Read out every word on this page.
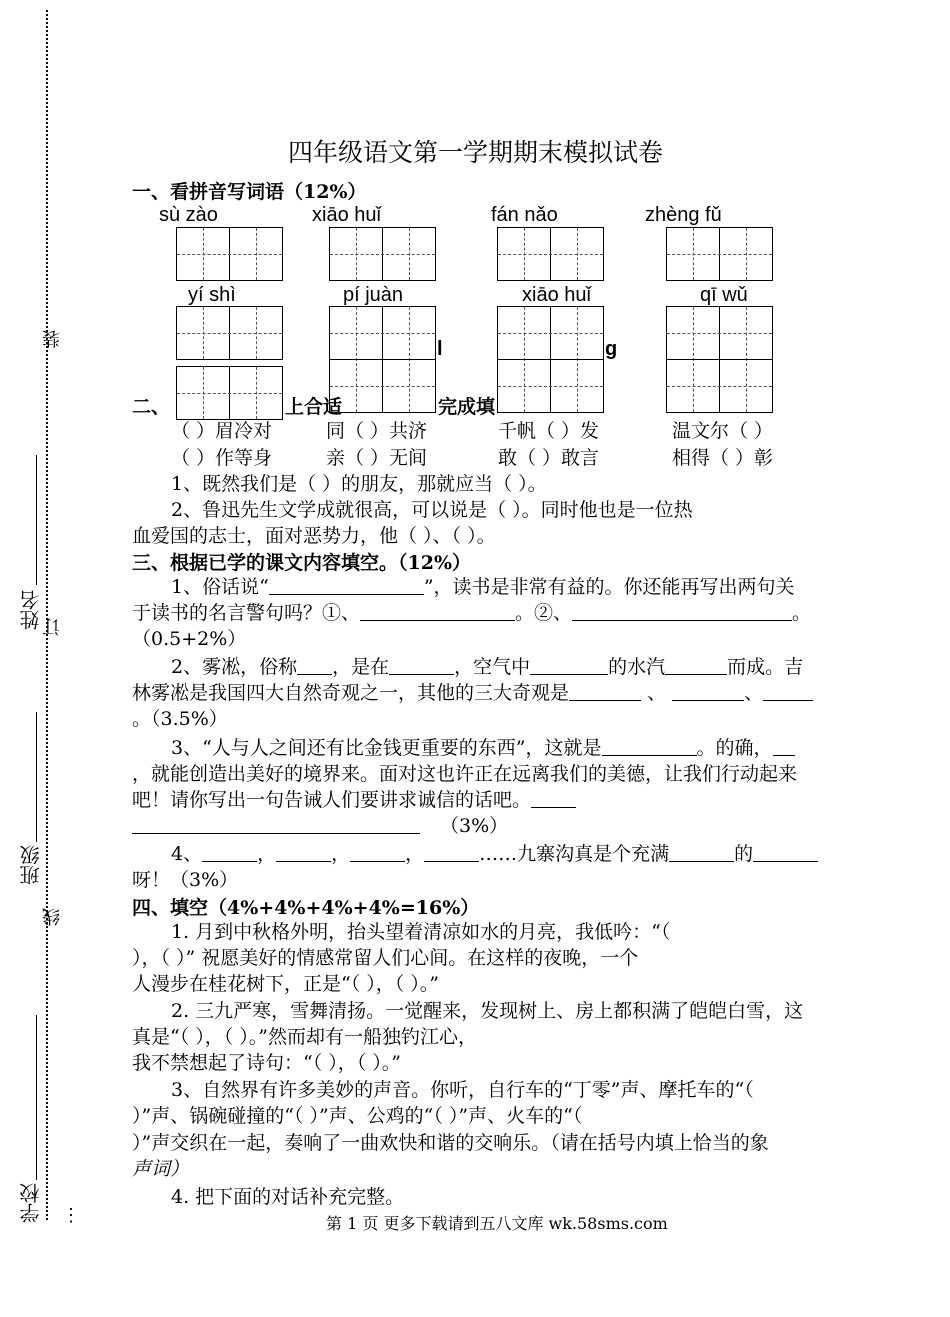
⋮
装
订
线
姓名
班级
学校
四年级语文第一学期期末模拟试卷
一、看拼音写词语（12%）
sù zào	xiāo huǐ	fán nǎo	zhèng fǔ
yí shì	pí juàn	xiāo huǐ	qī wǔ
l	g
二、	上合适	完成填
（ ）眉冷对	同（ ）共济	千帆（ ）发	温文尔（ ）
（ ）作等身	亲（ ）无间	敢（ ）敢言	相得（ ）彰
1、既然我们是（ ）的朋友，那就应当（ ）。
2、鲁迅先生文学成就很高，可以说是（ ）。同时他也是一位热
血爱国的志士，面对恶势力，他（ ）、（ ）。
三、根据已学的课文内容填空。（12%）
1、俗话说“	”，读书是非常有益的。你还能再写出两句关
于读书的名言警句吗？①、	。②、	。
（0.5+2%）
2、雾凇，俗称 ，是在	，空气中	的水汽	而成。吉
林雾凇是我国四大自然奇观之一，其他的三大奇观是	、	、
。（3.5%）
3、“人与人之间还有比金钱更重要的东西”，这就是	。的确，
，就能创造出美好的境界来。面对这也许正在远离我们的美德，让我们行动起来
吧！请你写出一句告诫人们要讲求诚信的话吧。
（3%）
4、	，	，	，	……九寨沟真是个充满	的
呀！（3%）
四、填空（4%+4%+4%+4%=16%）
1. 月到中秋格外明，抬头望着清凉如水的月亮，我低吟：“（
），（ ）” 祝愿美好的情感常留人们心间。在这样的夜晚，一个
人漫步在桂花树下，正是“（ ），（ ）。”
2. 三九严寒，雪舞清扬。一觉醒来，发现树上、房上都积满了皑皑白雪，这
真是“（ ），（ ）。”然而却有一船独钓江心，
我不禁想起了诗句：“（ ），（ ）。”
3、自然界有许多美妙的声音。你听，自行车的“丁零”声、摩托车的“（
）”声、锅碗碰撞的“（ ）”声、公鸡的“（ ）”声、火车的“（
）”声交织在一起，奏响了一曲欢快和谐的交响乐。（请在括号内填上恰当的象
声词）
4. 把下面的对话补充完整。
第 1 页 更多下载请到五八文库 wk.58sms.com
